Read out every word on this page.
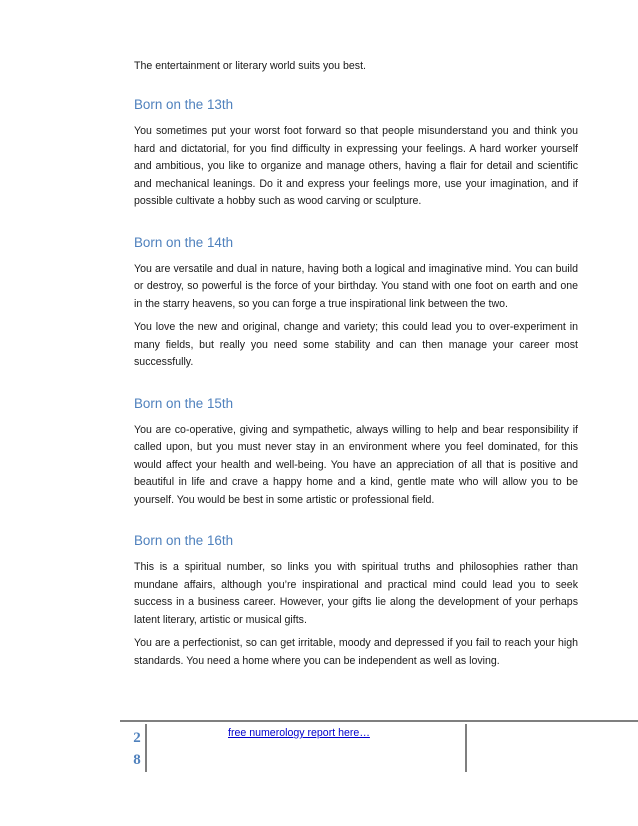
The entertainment or literary world suits you best.

Born on the 13th

You sometimes put your worst foot forward so that people misunderstand you and think you hard and dictatorial, for you find difficulty in expressing your feelings. A hard worker yourself and ambitious, you like to organize and manage others, having a flair for detail and scientific and mechanical leanings. Do it and express your feelings more, use your imagination, and if possible cultivate a hobby such as wood carving or sculpture.

Born on the 14th

You are versatile and dual in nature, having both a logical and imaginative mind. You can build or destroy, so powerful is the force of your birthday. You stand with one foot on earth and one in the starry heavens, so you can forge a true inspirational link between the two.

You love the new and original, change and variety; this could lead you to over-experiment in many fields, but really you need some stability and can then manage your career most successfully.

Born on the 15th

You are co-operative, giving and sympathetic, always willing to help and bear responsibility if called upon, but you must never stay in an environment where you feel dominated, for this would affect your health and well-being. You have an appreciation of all that is positive and beautiful in life and crave a happy home and a kind, gentle mate who will allow you to be yourself. You would be best in some artistic or professional field.

Born on the 16th

This is a spiritual number, so links you with spiritual truths and philosophies rather than mundane affairs, although you’re inspirational and practical mind could lead you to seek success in a business career. However, your gifts lie along the development of your perhaps latent literary, artistic or musical gifts.

You are a perfectionist, so can get irritable, moody and depressed if you fail to reach your high standards. You need a home where you can be independent as well as loving.

2
8
free numerology report here…
